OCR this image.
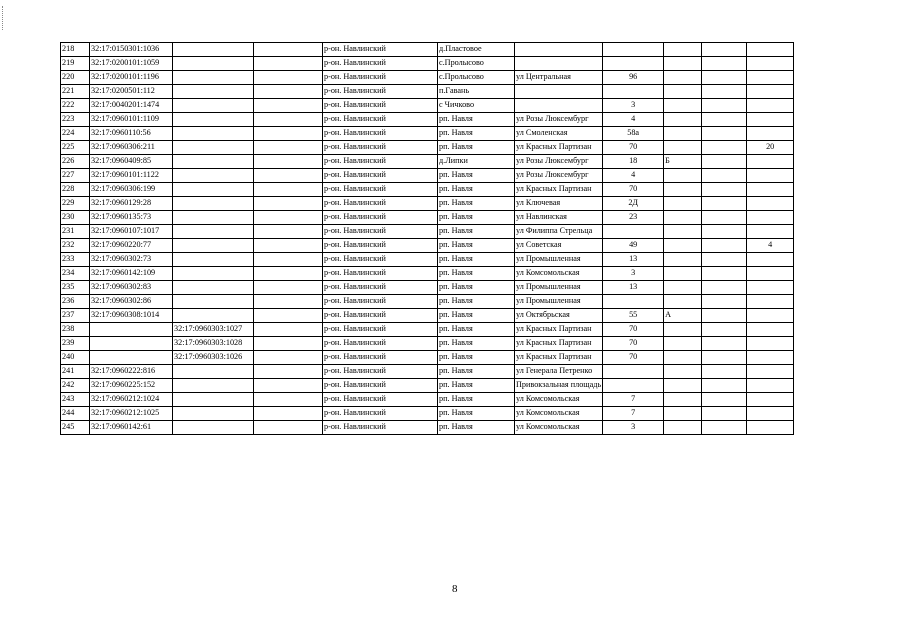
218	32:17:0150301:1036			р-он. Навлинский	д.Пластовое					
219	32:17:0200101:1059			р-он. Навлинский	с.Пролысово					
220	32:17:0200101:1196			р-он. Навлинский	с.Пролысово	ул Центральная	96			
221	32:17:0200501:112			р-он. Навлинский	п.Гавань					
222	32:17:0040201:1474			р-он. Навлинский	с Чичково		3			
223	32:17:0960101:1109			р-он. Навлинский	рп. Навля	ул Розы Люксембург	4			
224	32:17:0960110:56			р-он. Навлинский	рп. Навля	ул Смоленская	58а			
225	32:17:0960306:211			р-он. Навлинский	рп. Навля	ул Красных Партизан	70			20
226	32:17:0960409:85			р-он. Навлинский	д.Липки	ул Розы Люксембург	18	Б		
227	32:17:0960101:1122			р-он. Навлинский	рп. Навля	ул Розы Люксембург	4			
228	32:17:0960306:199			р-он. Навлинский	рп. Навля	ул Красных Партизан	70			
229	32:17:0960129:28			р-он. Навлинский	рп. Навля	ул Ключевая	2Д			
230	32:17:0960135:73			р-он. Навлинский	рп. Навля	ул Навлинская	23			
231	32:17:0960107:1017			р-он. Навлинский	рп. Навля	ул Филиппа Стрельца				
232	32:17:0960220:77			р-он. Навлинский	рп. Навля	ул Советская	49			4
233	32:17:0960302:73			р-он. Навлинский	рп. Навля	ул Промышленная	13			
234	32:17:0960142:109			р-он. Навлинский	рп. Навля	ул Комсомольская	3			
235	32:17:0960302:83			р-он. Навлинский	рп. Навля	ул Промышленная	13			
236	32:17:0960302:86			р-он. Навлинский	рп. Навля	ул Промышленная				
237	32:17:0960308:1014			р-он. Навлинский	рп. Навля	ул Октябрьская	55	А		
238		32:17:0960303:1027		р-он. Навлинский	рп. Навля	ул Красных Партизан	70			
239		32:17:0960303:1028		р-он. Навлинский	рп. Навля	ул Красных Партизан	70			
240		32:17:0960303:1026		р-он. Навлинский	рп. Навля	ул Красных Партизан	70			
241	32:17:0960222:816			р-он. Навлинский	рп. Навля	ул Генерала Петренко				
242	32:17:0960225:152			р-он. Навлинский	рп. Навля	Привокзальная площадь				
243	32:17:0960212:1024			р-он. Навлинский	рп. Навля	ул Комсомольская	7			
244	32:17:0960212:1025			р-он. Навлинский	рп. Навля	ул Комсомольская	7			
245	32:17:0960142:61			р-он. Навлинский	рп. Навля	ул Комсомольская	3			
8
